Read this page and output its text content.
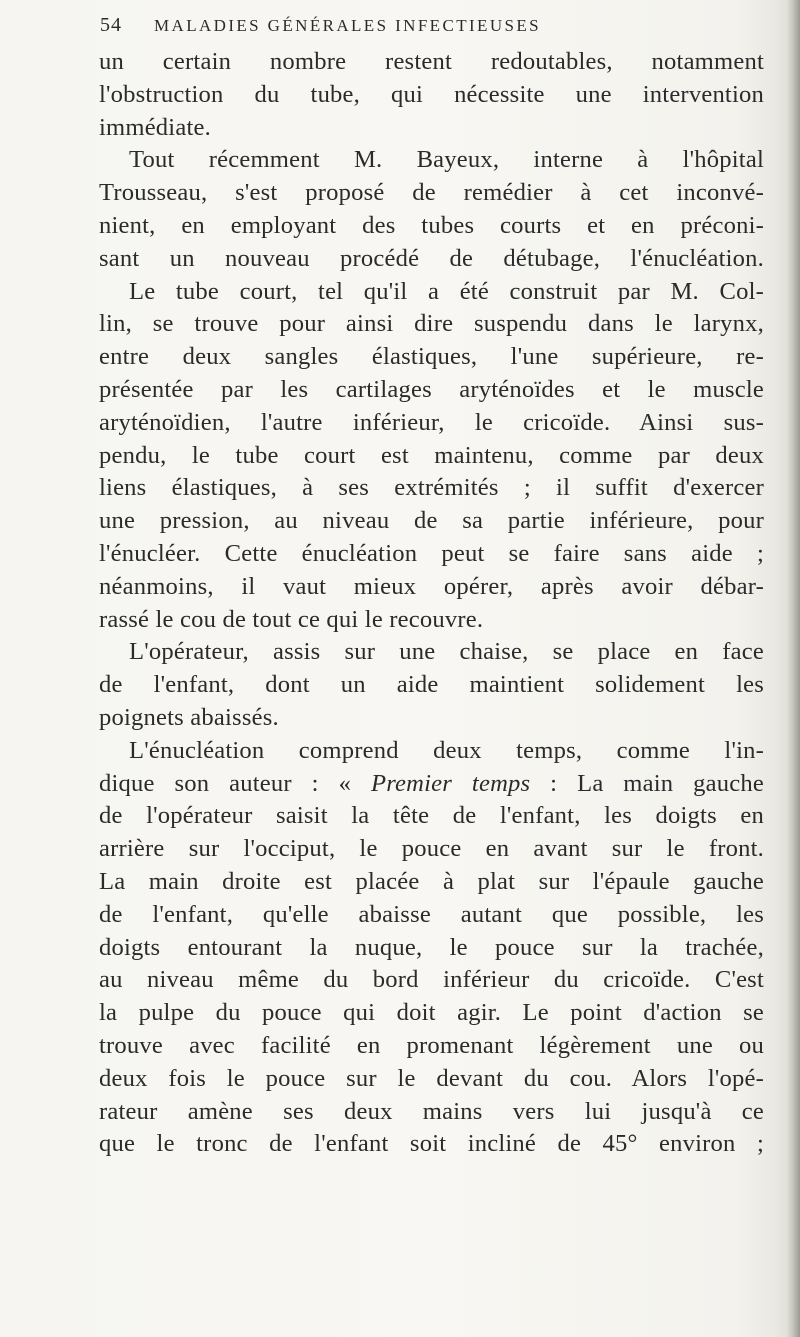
54	MALADIES GÉNÉRALES INFECTIEUSES
un certain nombre restent redoutables, notamment
l'obstruction du tube, qui nécessite une intervention
immédiate.
Tout récemment M. Bayeux, interne à l'hôpital
Trousseau, s'est proposé de remédier à cet inconvé-
nient, en employant des tubes courts et en préconi-
sant un nouveau procédé de détubage, l'énucléation.
Le tube court, tel qu'il a été construit par M. Col-
lin, se trouve pour ainsi dire suspendu dans le larynx,
entre deux sangles élastiques, l'une supérieure, re-
présentée par les cartilages aryténoïdes et le muscle
aryténoïdien, l'autre inférieur, le cricoïde. Ainsi sus-
pendu, le tube court est maintenu, comme par deux
liens élastiques, à ses extrémités ; il suffit d'exercer
une pression, au niveau de sa partie inférieure, pour
l'énucléer. Cette énucléation peut se faire sans aide ;
néanmoins, il vaut mieux opérer, après avoir débar-
rassé le cou de tout ce qui le recouvre.
L'opérateur, assis sur une chaise, se place en face
de l'enfant, dont un aide maintient solidement les
poignets abaissés.
L'énucléation comprend deux temps, comme l'in-
dique son auteur : « Premier temps : La main gauche
de l'opérateur saisit la tête de l'enfant, les doigts en
arrière sur l'occiput, le pouce en avant sur le front.
La main droite est placée à plat sur l'épaule gauche
de l'enfant, qu'elle abaisse autant que possible, les
doigts entourant la nuque, le pouce sur la trachée,
au niveau même du bord inférieur du cricoïde. C'est
la pulpe du pouce qui doit agir. Le point d'action se
trouve avec facilité en promenant légèrement une ou
deux fois le pouce sur le devant du cou. Alors l'opé-
rateur amène ses deux mains vers lui jusqu'à ce
que le tronc de l'enfant soit incliné de 45° environ ;
